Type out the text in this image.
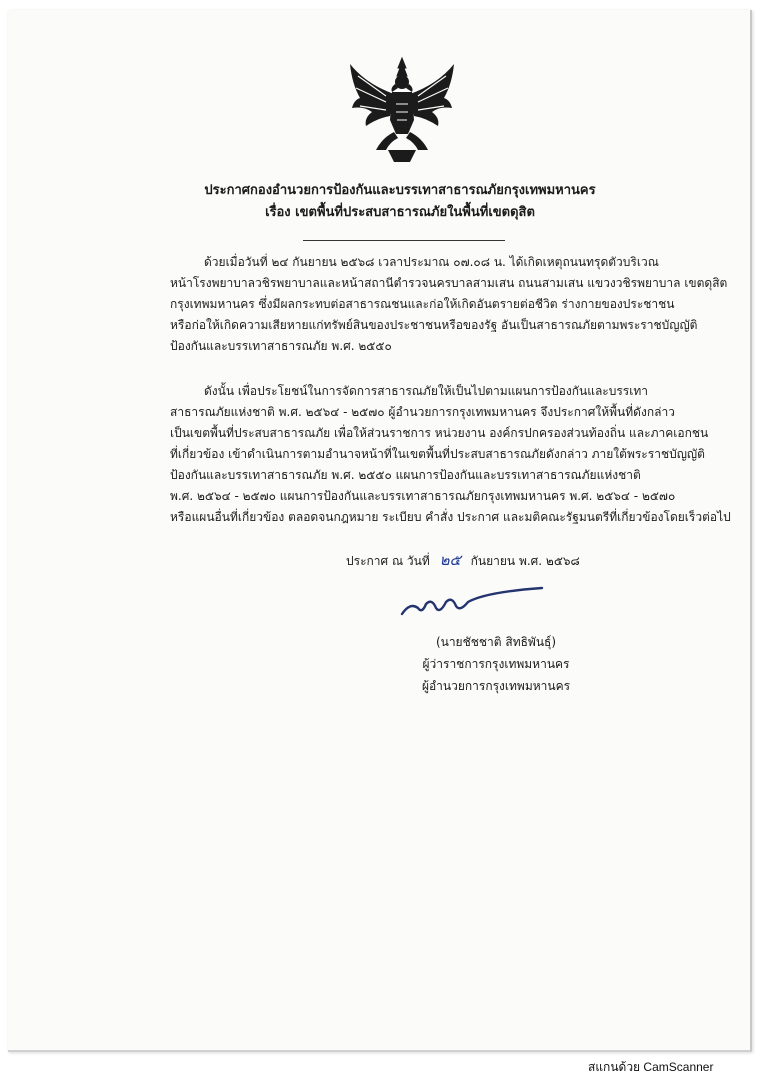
ประกาศกองอำนวยการป้องกันและบรรเทาสาธารณภัยกรุงเทพมหานคร
เรื่อง เขตพื้นที่ประสบสาธารณภัยในพื้นที่เขตดุสิต
ด้วยเมื่อวันที่ ๒๔ กันยายน ๒๕๖๘ เวลาประมาณ ๐๗.๐๘ น. ได้เกิดเหตุถนนทรุดตัวบริเวณ
หน้าโรงพยาบาลวชิรพยาบาลและหน้าสถานีตำรวจนครบาลสามเสน ถนนสามเสน แขวงวชิรพยาบาล เขตดุสิต
กรุงเทพมหานคร ซึ่งมีผลกระทบต่อสาธารณชนและก่อให้เกิดอันตรายต่อชีวิต ร่างกายของประชาชน
หรือก่อให้เกิดความเสียหายแก่ทรัพย์สินของประชาชนหรือของรัฐ อันเป็นสาธารณภัยตามพระราชบัญญัติ
ป้องกันและบรรเทาสาธารณภัย พ.ศ. ๒๕๕๐
ดังนั้น เพื่อประโยชน์ในการจัดการสาธารณภัยให้เป็นไปตามแผนการป้องกันและบรรเทา
สาธารณภัยแห่งชาติ พ.ศ. ๒๕๖๔ - ๒๕๗๐ ผู้อำนวยการกรุงเทพมหานคร จึงประกาศให้พื้นที่ดังกล่าว
เป็นเขตพื้นที่ประสบสาธารณภัย เพื่อให้ส่วนราชการ หน่วยงาน องค์กรปกครองส่วนท้องถิ่น และภาคเอกชน
ที่เกี่ยวข้อง เข้าดำเนินการตามอำนาจหน้าที่ในเขตพื้นที่ประสบสาธารณภัยดังกล่าว ภายใต้พระราชบัญญัติ
ป้องกันและบรรเทาสาธารณภัย พ.ศ. ๒๕๕๐ แผนการป้องกันและบรรเทาสาธารณภัยแห่งชาติ
พ.ศ. ๒๕๖๔ - ๒๕๗๐ แผนการป้องกันและบรรเทาสาธารณภัยกรุงเทพมหานคร พ.ศ. ๒๕๖๔ - ๒๕๗๐
หรือแผนอื่นที่เกี่ยวข้อง ตลอดจนกฎหมาย ระเบียบ คำสั่ง ประกาศ และมติคณะรัฐมนตรีที่เกี่ยวข้องโดยเร็วต่อไป
ประกาศ ณ วันที่ ๒๕ กันยายน พ.ศ. ๒๕๖๘
(นายชัชชาติ สิทธิพันธุ์)
ผู้ว่าราชการกรุงเทพมหานคร
ผู้อำนวยการกรุงเทพมหานคร
สแกนด้วย CamScanner
